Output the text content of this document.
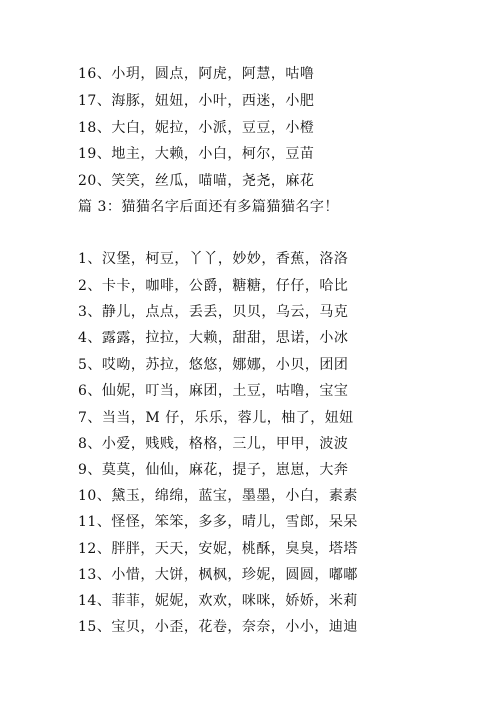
16、小玥，圆点，阿虎，阿慧，咕噜
17、海豚，妞妞，小叶，西迷，小肥
18、大白，妮拉，小派，豆豆，小橙
19、地主，大赖，小白，柯尔，豆苗
20、笑笑，丝瓜，喵喵，尧尧，麻花
篇 3：猫猫名字后面还有多篇猫猫名字！
1、汉堡，柯豆，丫丫，妙妙，香蕉，洛洛
2、卡卡，咖啡，公爵，糖糖，仔仔，哈比
3、静儿，点点，丢丢，贝贝，乌云，马克
4、露露，拉拉，大赖，甜甜，思诺，小冰
5、哎呦，苏拉，悠悠，娜娜，小贝，团团
6、仙妮，叮当，麻团，土豆，咕噜，宝宝
7、当当，M 仔，乐乐，蓉儿，柚了，妞妞
8、小爱，贱贱，格格，三儿，甲甲，波波
9、莫莫，仙仙，麻花，提子，崽崽，大奔
10、黛玉，绵绵，蓝宝，墨墨，小白，素素
11、怪怪，笨笨，多多，晴儿，雪郎，呆呆
12、胖胖，天天，安妮，桃酥，臭臭，塔塔
13、小惜，大饼，枫枫，珍妮，圆圆，嘟嘟
14、菲菲，妮妮，欢欢，咪咪，娇娇，米莉
15、宝贝，小歪，花卷，奈奈，小小，迪迪
